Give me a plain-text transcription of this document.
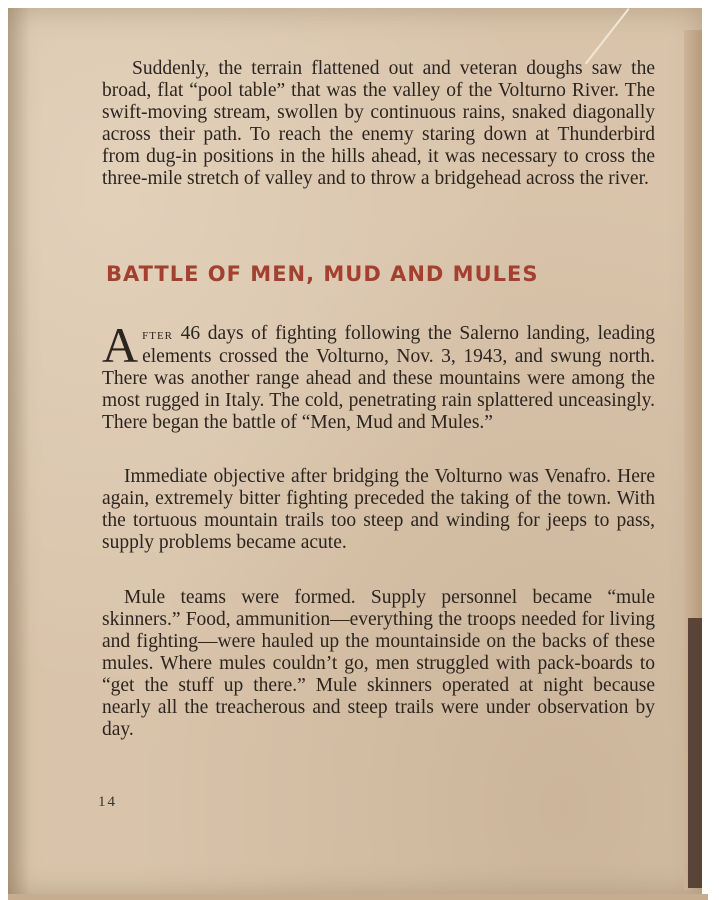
Suddenly, the terrain flattened out and veteran doughs saw the broad, flat “pool table” that was the valley of the Volturno River. The swift-moving stream, swollen by continuous rains, snaked diagonally across their path. To reach the enemy staring down at Thunderbird from dug-in positions in the hills ahead, it was necessary to cross the three-mile stretch of valley and to throw a bridgehead across the river.

BATTLE OF MEN, MUD AND MULES

After 46 days of fighting following the Salerno landing, leading elements crossed the Volturno, Nov. 3, 1943, and swung north. There was another range ahead and these mountains were among the most rugged in Italy. The cold, penetrating rain splattered unceasingly. There began the battle of “Men, Mud and Mules.”

Immediate objective after bridging the Volturno was Venafro. Here again, extremely bitter fighting preceded the taking of the town. With the tortuous mountain trails too steep and winding for jeeps to pass, supply problems became acute.

Mule teams were formed. Supply personnel became “mule skinners.” Food, ammunition—everything the troops needed for living and fighting—were hauled up the mountainside on the backs of these mules. Where mules couldn’t go, men struggled with pack-boards to “get the stuff up there.” Mule skinners operated at night because nearly all the treacherous and steep trails were under observation by day.

14
